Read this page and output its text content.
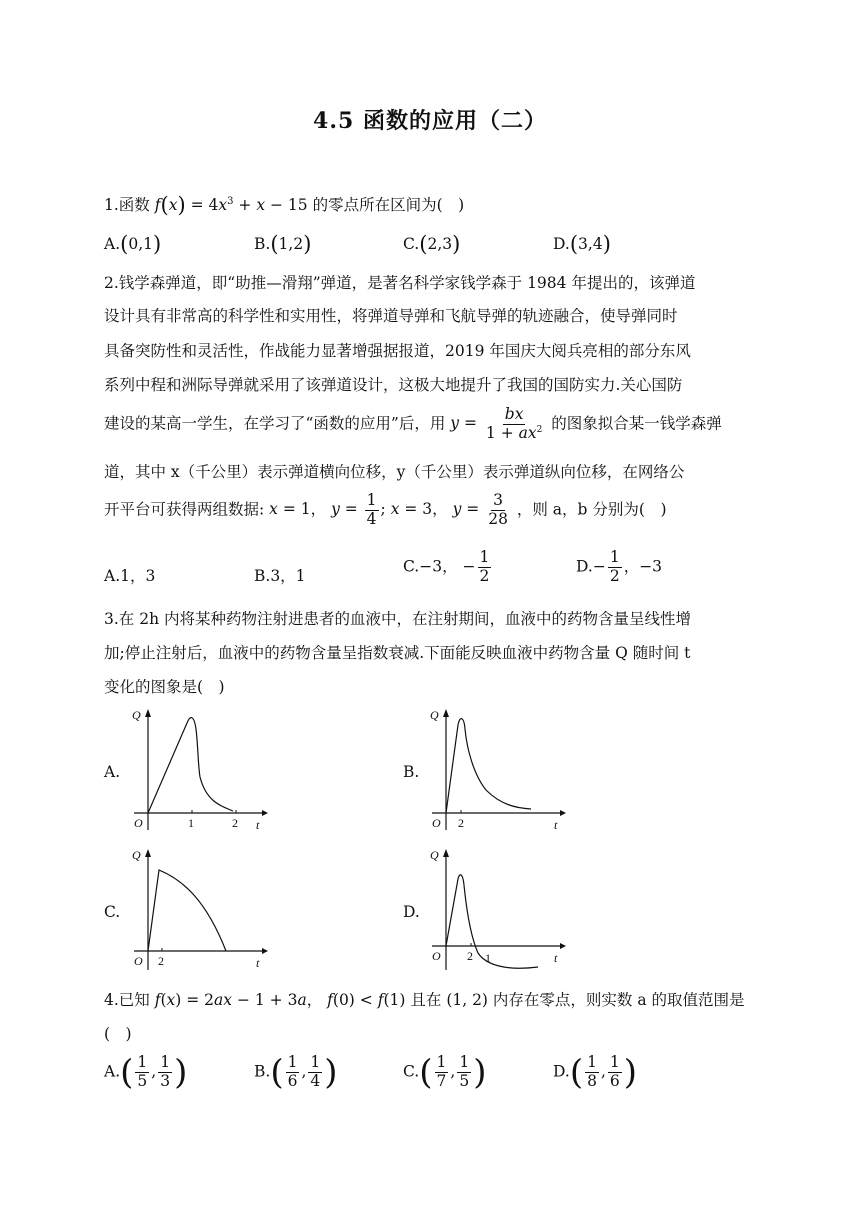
4.5 函数的应用（二）
1.函数 $f(x) = 4x^3 + x - 15$ 的零点所在区间为(　)
A.(0,1)	B.(1,2)	C.(2,3)	D.(3,4)
2.钱学森弹道，即“助推—滑翔”弹道，是著名科学家钱学森于 1984 年提出的，该弹道
设计具有非常高的科学性和实用性，将弹道导弹和飞航导弹的轨迹融合，使导弹同时
具备突防性和灵活性，作战能力显著增强据报道，2019 年国庆大阅兵亮相的部分东风
系列中程和洲际导弹就采用了该弹道设计，这极大地提升了我国的国防实力.关心国防
建设的某高一学生，在学习了“函数的应用”后，用 $y = \frac{bx}{1 + ax^2}$ 的图象拟合某一钱学森弹
道，其中 x（千公里）表示弹道横向位移，y（千公里）表示弹道纵向位移，在网络公
开平台可获得两组数据: x = 1， $y = \frac{1}{4}$ ; x = 3， $y = \frac{3}{28}$ ，则 a，b 分别为(　)
A.1，3	B.3，1
C.−3， − $\frac{1}{2}$	$D.- \frac{1}{2}$ ，−3
3.在 2h 内将某种药物注射进患者的血液中，在注射期间，血液中的药物含量呈线性增
加;停止注射后，血液中的药物含量呈指数衰减.下面能反映血液中药物含量 Q 随时间 t
变化的图象是(　)
A.	B.
C.	D.
Q
O	1	2 t
Q
O 2	t
Q
O 2	t
Q
O 2 1	t
4.已知 f(x) = 2ax − 1 + 3a， f(0) < f(1) 且在 (1, 2) 内存在零点，则实数 a 的取值范围是
(　)
$A.( \frac{1}{5}$ , $\frac{1}{3}$ )	$B.( \frac{1}{6}$ , $\frac{1}{4}$ )	$C.( \frac{1}{7}$ , $\frac{1}{5}$ )	$D.( \frac{1}{8}$ , $\frac{1}{6}$ )
